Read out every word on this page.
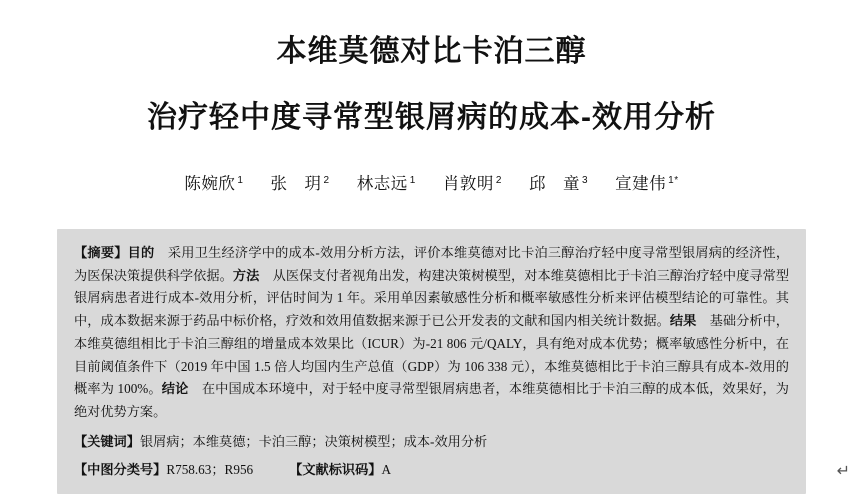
本维莫德对比卡泊三醇
治疗轻中度寻常型银屑病的成本-效用分析
陈婉欣 $^1$ 张　玥 $^2$ 林志远 $^1$ 肖敦明 $^2$ 邱　童 $^3$ 宣建伟 $^{1*}$
【摘要】目的　采用卫生经济学中的成本-效用分析方法，评价本维莫德对比卡泊三醇治疗轻中度寻常型银屑病的经济性，为医保决策提供科学依据。方法　从医保支付者视角出发，构建决策树模型，对本维莫德相比于卡泊三醇治疗轻中度寻常型银屑病患者进行成本-效用分析，评估时间为 1 年。采用单因素敏感性分析和概率敏感性分析来评估模型结论的可靠性。其中，成本数据来源于药品中标价格，疗效和效用值数据来源于已公开发表的文献和国内相关统计数据。结果　基础分析中，本维莫德组相比于卡泊三醇组的增量成本效果比（ICUR）为-21 806 元/QALY，具有绝对成本优势；概率敏感性分析中，在目前阈值条件下（2019 年中国 1.5 倍人均国内生产总值（GDP）为 106 338 元），本维莫德相比于卡泊三醇具有成本-效用的概率为 100%。结论　在中国成本环境中，对于轻中度寻常型银屑病患者，本维莫德相比于卡泊三醇的成本低，效果好，为绝对优势方案。
【关键词】银屑病；本维莫德；卡泊三醇；决策树模型；成本-效用分析
【中图分类号】R758.63；R956	【文献标识码】A	↵
